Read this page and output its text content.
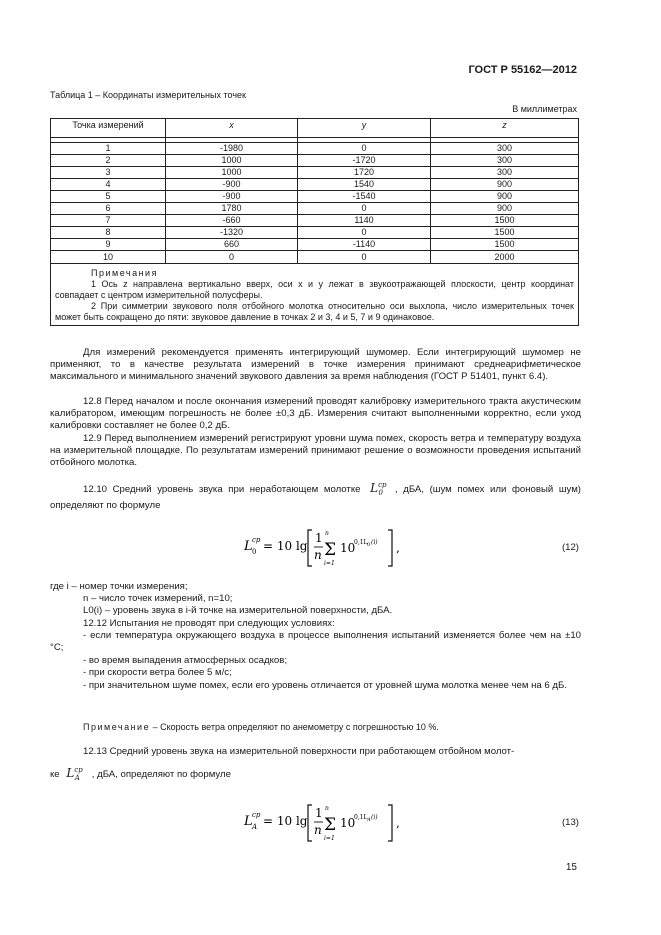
ГОСТ Р 55162—2012
Таблица 1 – Координаты измерительных точек
В миллиметрах
Точка измерений	x	y	z

1	-1980	0	300
2	1000	-1720	300
3	1000	1720	300
4	-900	1540	900
5	-900	-1540	900
6	1780	0	900
7	-660	1140	1500
8	-1320	0	1500
9	660	-1140	1500
10	0	0	2000

Примечания
1 Ось z направлена вертикально вверх, оси x и y лежат в звукоотражающей плоскости, центр координат совпадает с центром измерительной полусферы.
2 При симметрии звукового поля отбойного молотка относительно оси выхлопа, число измерительных точек может быть сокращено до пяти: звуковое давление в точках 2 и 3, 4 и 5, 7 и 9 одинаковое.			
Для измерений рекомендуется применять интегрирующий шумомер. Если интегрирующий шумомер не применяют, то в качестве результата измерений в точке измерения принимают среднеарифметическое максимального и минимального значений звукового давления за время наблюдения (ГОСТ Р 51401, пункт 6.4).
12.8 Перед началом и после окончания измерений проводят калибровку измерительного тракта акустическим калибратором, имеющим погрешность не более ±0,3 дБ. Измерения считают выполненными корректно, если уход калибровки составляет не более 0,2 дБ.
12.9 Перед выполнением измерений регистрируют уровни шума помех, скорость ветра и температуру воздуха на измерительной площадке. По результатам измерений принимают решение о возможности проведения испытаний отбойного молотка.
12.10 Средний уровень звука при неработающем молотке $L^{ср}_0$ , дБА, (шум помех или фоновый шум) определяют по формуле
L cp
0 = 10 lg
1
n
n
Σ
i=1
10
0,1L 0 (i) ,	(12)
где i – номер точки измерения;
n – число точек измерений, n=10;
L0(i) – уровень звука в i-й точке на измерительной поверхности, дБА.
12.12 Испытания не проводят при следующих условиях:
- если температура окружающего воздуха в процессе выполнения испытаний изменяется более чем на ±10 °С;
- во время выпадения атмосферных осадков;
- при скорости ветра более 5 м/с;
- при значительном шуме помех, если его уровень отличается от уровней шума молотка менее чем на 6 дБ.
Примечание – Скорость ветра определяют по анемометру с погрешностью 10 %.
12.13 Средний уровень звука на измерительной поверхности при работающем отбойном молот-
ке $L^{ср}_A$ , дБА, определяют по формуле
L cp
A = 10 lg
1
n
n
Σ
i=1
10
0,1L A (i) ,	(13)
15
